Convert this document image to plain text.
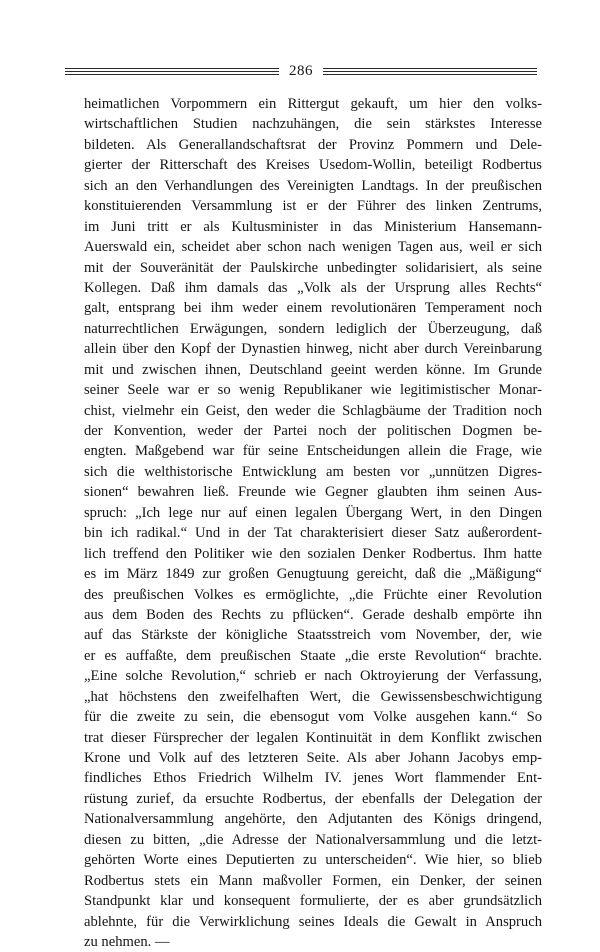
286
heimatlichen Vorpommern ein Rittergut gekauft, um hier den volks-
wirtschaftlichen Studien nachzuhängen, die sein stärkstes Interesse
bildeten. Als Generallandschaftsrat der Provinz Pommern und Dele-
gierter der Ritterschaft des Kreises Usedom-Wollin, beteiligt Rodbertus
sich an den Verhandlungen des Vereinigten Landtags. In der preußischen
konstituierenden Versammlung ist er der Führer des linken Zentrums,
im Juni tritt er als Kultusminister in das Ministerium Hansemann-
Auerswald ein, scheidet aber schon nach wenigen Tagen aus, weil er sich
mit der Souveränität der Paulskirche unbedingter solidarisiert, als seine
Kollegen. Daß ihm damals das „Volk als der Ursprung alles Rechts“
galt, entsprang bei ihm weder einem revolutionären Temperament noch
naturrechtlichen Erwägungen, sondern lediglich der Überzeugung, daß
allein über den Kopf der Dynastien hinweg, nicht aber durch Vereinbarung
mit und zwischen ihnen, Deutschland geeint werden könne. Im Grunde
seiner Seele war er so wenig Republikaner wie legitimistischer Monar-
chist, vielmehr ein Geist, den weder die Schlagbäume der Tradition noch
der Konvention, weder der Partei noch der politischen Dogmen be-
engten. Maßgebend war für seine Entscheidungen allein die Frage, wie
sich die welthistorische Entwicklung am besten vor „unnützen Digres-
sionen“ bewahren ließ. Freunde wie Gegner glaubten ihm seinen Aus-
spruch: „Ich lege nur auf einen legalen Übergang Wert, in den Dingen
bin ich radikal.“ Und in der Tat charakterisiert dieser Satz außerordent-
lich treffend den Politiker wie den sozialen Denker Rodbertus. Ihm hatte
es im März 1849 zur großen Genugtuung gereicht, daß die „Mäßigung“
des preußischen Volkes es ermöglichte, „die Früchte einer Revolution
aus dem Boden des Rechts zu pflücken“. Gerade deshalb empörte ihn
auf das Stärkste der königliche Staatsstreich vom November, der, wie
er es auffaßte, dem preußischen Staate „die erste Revolution“ brachte.
„Eine solche Revolution,“ schrieb er nach Oktroyierung der Verfassung,
„hat höchstens den zweifelhaften Wert, die Gewissensbeschwichtigung
für die zweite zu sein, die ebensogut vom Volke ausgehen kann.“ So
trat dieser Fürsprecher der legalen Kontinuität in dem Konflikt zwischen
Krone und Volk auf des letzteren Seite. Als aber Johann Jacobys emp-
findliches Ethos Friedrich Wilhelm IV. jenes Wort flammender Ent-
rüstung zurief, da ersuchte Rodbertus, der ebenfalls der Delegation der
Nationalversammlung angehörte, den Adjutanten des Königs dringend,
diesen zu bitten, „die Adresse der Nationalversammlung und die letzt-
gehörten Worte eines Deputierten zu unterscheiden“. Wie hier, so blieb
Rodbertus stets ein Mann maßvoller Formen, ein Denker, der seinen
Standpunkt klar und konsequent formulierte, der es aber grundsätzlich
ablehnte, für die Verwirklichung seines Ideals die Gewalt in Anspruch
zu nehmen. —
